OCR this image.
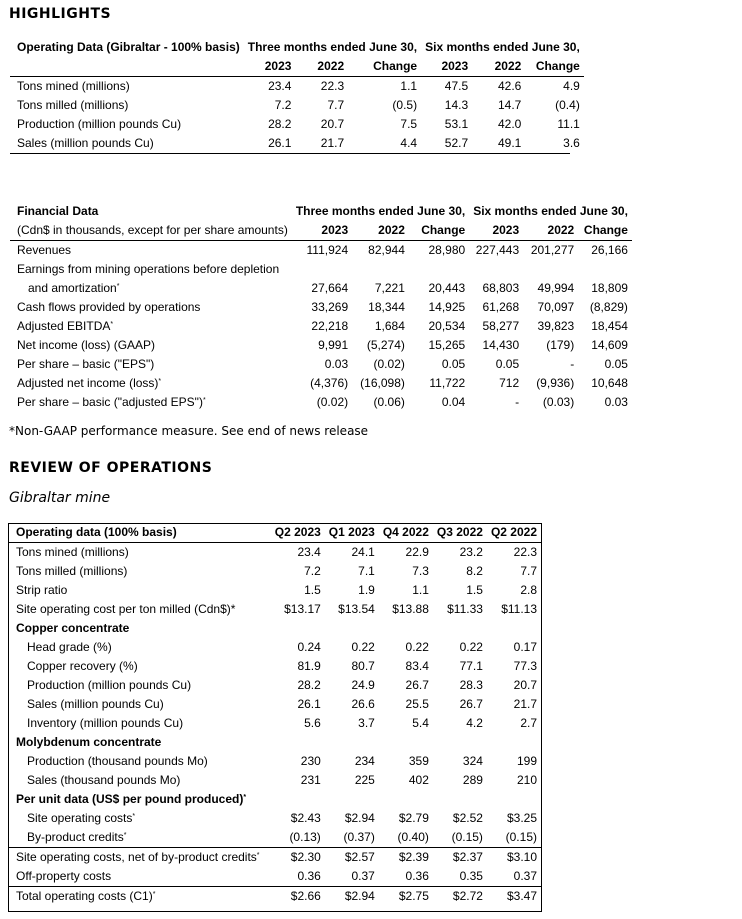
HIGHLIGHTS
Operating Data (Gibraltar - 100% basis)	Three months ended June 30,			Six months ended June 30,		
	2023	2022	Change	2023	2022	Change
Tons mined (millions)	23.4	22.3	1.1	47.5	42.6	4.9
Tons milled (millions)	7.2	7.7	(0.5)	14.3	14.7	(0.4)
Production (million pounds Cu)	28.2	20.7	7.5	53.1	42.0	11.1
Sales (million pounds Cu)	26.1	21.7	4.4	52.7	49.1	3.6
Financial Data	Three months ended June 30,			Six months ended June 30,		
(Cdn$ in thousands, except for per share amounts)	2023	2022	Change	2023	2022	Change
Revenues	111,924	82,944	28,980	227,443	201,277	26,166
Earnings from mining operations before depletion						
and amortization*	27,664	7,221	20,443	68,803	49,994	18,809
Cash flows provided by operations	33,269	18,344	14,925	61,268	70,097	(8,829)
Adjusted EBITDA*	22,218	1,684	20,534	58,277	39,823	18,454
Net income (loss) (GAAP)	9,991	(5,274)	15,265	14,430	(179)	14,609
Per share – basic ("EPS")	0.03	(0.02)	0.05	0.05	-	0.05
Adjusted net income (loss)*	(4,376)	(16,098)	11,722	712	(9,936)	10,648
Per share – basic ("adjusted EPS")*	(0.02)	(0.06)	0.04	-	(0.03)	0.03
*Non-GAAP performance measure. See end of news release
REVIEW OF OPERATIONS
Gibraltar mine
Operating data (100% basis)	Q2 2023	Q1 2023	Q4 2022	Q3 2022	Q2 2022
Tons mined (millions)	23.4	24.1	22.9	23.2	22.3
Tons milled (millions)	7.2	7.1	7.3	8.2	7.7
Strip ratio	1.5	1.9	1.1	1.5	2.8
Site operating cost per ton milled (Cdn$)*	$13.17	$13.54	$13.88	$11.33	$11.13
Copper concentrate					
Head grade (%)	0.24	0.22	0.22	0.22	0.17
Copper recovery (%)	81.9	80.7	83.4	77.1	77.3
Production (million pounds Cu)	28.2	24.9	26.7	28.3	20.7
Sales (million pounds Cu)	26.1	26.6	25.5	26.7	21.7
Inventory (million pounds Cu)	5.6	3.7	5.4	4.2	2.7
Molybdenum concentrate					
Production (thousand pounds Mo)	230	234	359	324	199
Sales (thousand pounds Mo)	231	225	402	289	210
Per unit data (US$ per pound produced)*	
Site operating costs*	$2.43	$2.94	$2.79	$2.52	$3.25
By-product credits*	(0.13)	(0.37)	(0.40)	(0.15)	(0.15)
Site operating costs, net of by-product credits*	$2.30	$2.57	$2.39	$2.37	$3.10
Off-property costs	0.36	0.37	0.36	0.35	0.37
Total operating costs (C1)*	$2.66	$2.94	$2.75	$2.72	$3.47
